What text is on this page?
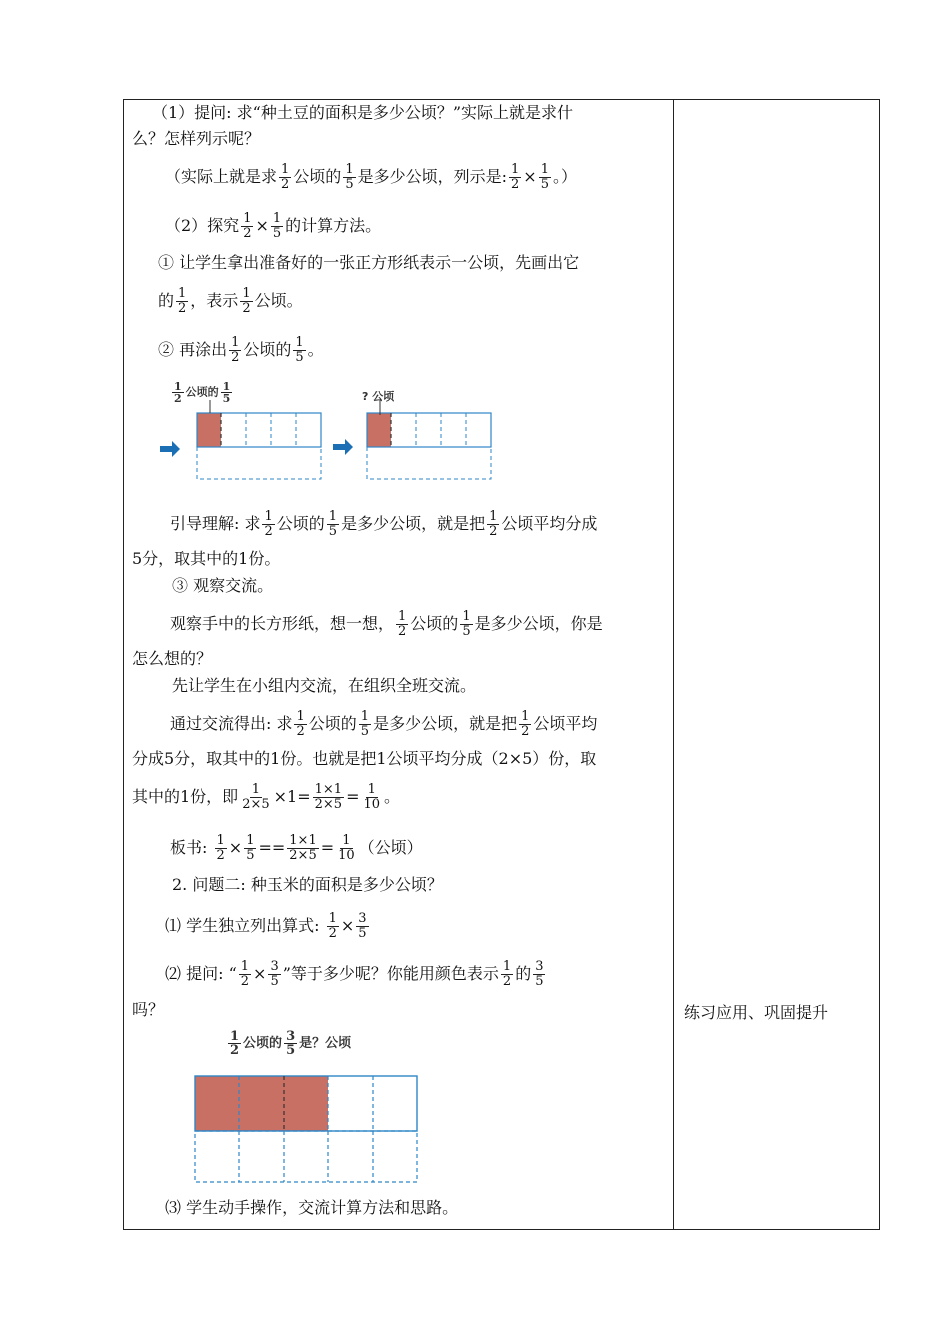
（1）提问: 求“种土豆的面积是多少公顷？”实际上就是求什
么？怎样列示呢？
（实际上就是求 $\frac{1}{2}$ 公顷的 $\frac{1}{5}$ 是多少公顷，列示是: $\frac{1}{2} \times \frac{1}{5}$ 。）
（2）探究 $\frac{1}{2} \times \frac{1}{5}$ 的计算方法。
① 让学生拿出准备好的一张正方形纸表示一公顷，先画出它
的 $\frac{1}{2}$ ，表示 $\frac{1}{2}$ 公顷。
② 再涂出 $\frac{1}{2}$ 公顷的 $\frac{1}{5}$ 。
$\frac{1}{2}$ 公顷的 $\frac{1}{5}$	? 公顷
引导理解: 求 $\frac{1}{2}$ 公顷的 $\frac{1}{5}$ 是多少公顷，就是把 $\frac{1}{2}$ 公顷平均分成
5分，取其中的1份。
③ 观察交流。
观察手中的长方形纸，想一想， $\frac{1}{2}$ 公顷的 $\frac{1}{5}$ 是多少公顷，你是
怎么想的？
先让学生在小组内交流，在组织全班交流。
通过交流得出: 求 $\frac{1}{2}$ 公顷的 $\frac{1}{5}$ 是多少公顷，就是把 $\frac{1}{2}$ 公顷平均
分成5分，取其中的1份。也就是把1公顷平均分成（2×5）份，取
其中的1份，即 $\frac{1}{2\times 5} \times 1= \frac{1\times 1}{2\times 5} = \frac{1}{10}$ 。
板书: $\frac{1}{2} \times \frac{1}{5} == \frac{1\times 1}{2\times 5} = \frac{1}{10}$ （公顷）
2. 问题二: 种玉米的面积是多少公顷？
⑴ 学生独立列出算式: $\frac{1}{2} \times \frac{3}{5}$
⑵ 提问: “ $\frac{1}{2} \times \frac{3}{5}$ ”等于多少呢？你能用颜色表示 $\frac{1}{2}$ 的 $\frac{3}{5}$
吗？
$\frac{1}{2}$ 公顷的 $\frac{3}{5}$ 是？公顷
⑶ 学生动手操作，交流计算方法和思路。
练习应用、巩固提升
